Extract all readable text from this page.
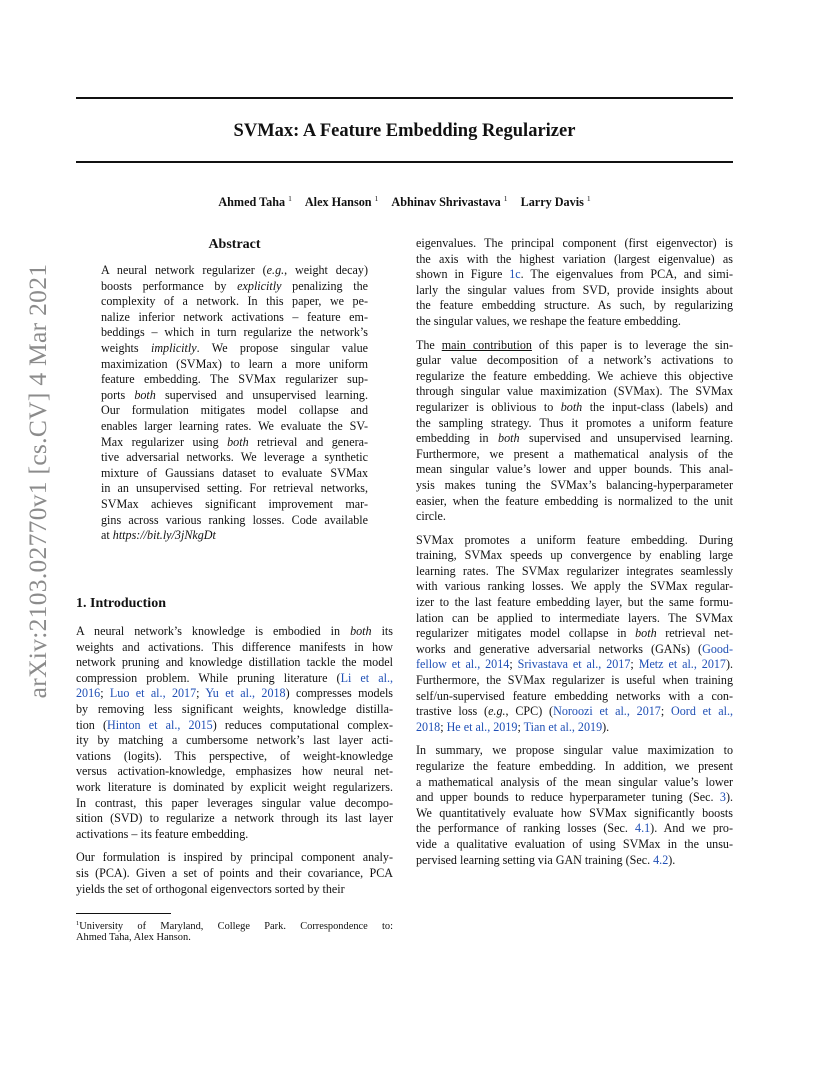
SVMax: A Feature Embedding Regularizer
Ahmed Taha $^1$ Alex Hanson $^1$ Abhinav Shrivastava $^1$ Larry Davis $^1$
arXiv:2103.02770v1 [cs.CV] 4 Mar 2021
Abstract
A neural network regularizer (e.g., weight decay)
boosts performance by explicitly penalizing the
complexity of a network. In this paper, we pe-
nalize inferior network activations – feature em-
beddings – which in turn regularize the network’s
weights implicitly. We propose singular value
maximization (SVMax) to learn a more uniform
feature embedding. The SVMax regularizer sup-
ports both supervised and unsupervised learning.
Our formulation mitigates model collapse and
enables larger learning rates. We evaluate the SV-
Max regularizer using both retrieval and genera-
tive adversarial networks. We leverage a synthetic
mixture of Gaussians dataset to evaluate SVMax
in an unsupervised setting. For retrieval networks,
SVMax achieves significant improvement mar-
gins across various ranking losses. Code available
at https://bit.ly/3jNkgDt
1. Introduction
A neural network’s knowledge is embodied in both its
weights and activations. This difference manifests in how
network pruning and knowledge distillation tackle the model
compression problem. While pruning literature (Li et al.,
2016; Luo et al., 2017; Yu et al., 2018) compresses models
by removing less significant weights, knowledge distilla-
tion (Hinton et al., 2015) reduces computational complex-
ity by matching a cumbersome network’s last layer acti-
vations (logits). This perspective, of weight-knowledge
versus activation-knowledge, emphasizes how neural net-
work literature is dominated by explicit weight regularizers.
In contrast, this paper leverages singular value decompo-
sition (SVD) to regularize a network through its last layer
activations – its feature embedding.
Our formulation is inspired by principal component analy-
sis (PCA). Given a set of points and their covariance, PCA
yields the set of orthogonal eigenvectors sorted by their
eigenvalues. The principal component (first eigenvector) is
the axis with the highest variation (largest eigenvalue) as
shown in Figure 1c. The eigenvalues from PCA, and simi-
larly the singular values from SVD, provide insights about
the feature embedding structure. As such, by regularizing
the singular values, we reshape the feature embedding.
The main contribution of this paper is to leverage the sin-
gular value decomposition of a network’s activations to
regularize the feature embedding. We achieve this objective
through singular value maximization (SVMax). The SVMax
regularizer is oblivious to both the input-class (labels) and
the sampling strategy. Thus it promotes a uniform feature
embedding in both supervised and unsupervised learning.
Furthermore, we present a mathematical analysis of the
mean singular value’s lower and upper bounds. This anal-
ysis makes tuning the SVMax’s balancing-hyperparameter
easier, when the feature embedding is normalized to the unit
circle.
SVMax promotes a uniform feature embedding. During
training, SVMax speeds up convergence by enabling large
learning rates. The SVMax regularizer integrates seamlessly
with various ranking losses. We apply the SVMax regular-
izer to the last feature embedding layer, but the same formu-
lation can be applied to intermediate layers. The SVMax
regularizer mitigates model collapse in both retrieval net-
works and generative adversarial networks (GANs) (Good-
fellow et al., 2014; Srivastava et al., 2017; Metz et al., 2017).
Furthermore, the SVMax regularizer is useful when training
self/un-supervised feature embedding networks with a con-
trastive loss (e.g., CPC) (Noroozi et al., 2017; Oord et al.,
2018; He et al., 2019; Tian et al., 2019).
In summary, we propose singular value maximization to
regularize the feature embedding. In addition, we present
a mathematical analysis of the mean singular value’s lower
and upper bounds to reduce hyperparameter tuning (Sec. 3).
We quantitatively evaluate how SVMax significantly boosts
the performance of ranking losses (Sec. 4.1). And we pro-
vide a qualitative evaluation of using SVMax in the unsu-
pervised learning setting via GAN training (Sec. 4.2).
$^1$University of Maryland, College Park. Correspondence to:
Ahmed Taha, Alex Hanson.
